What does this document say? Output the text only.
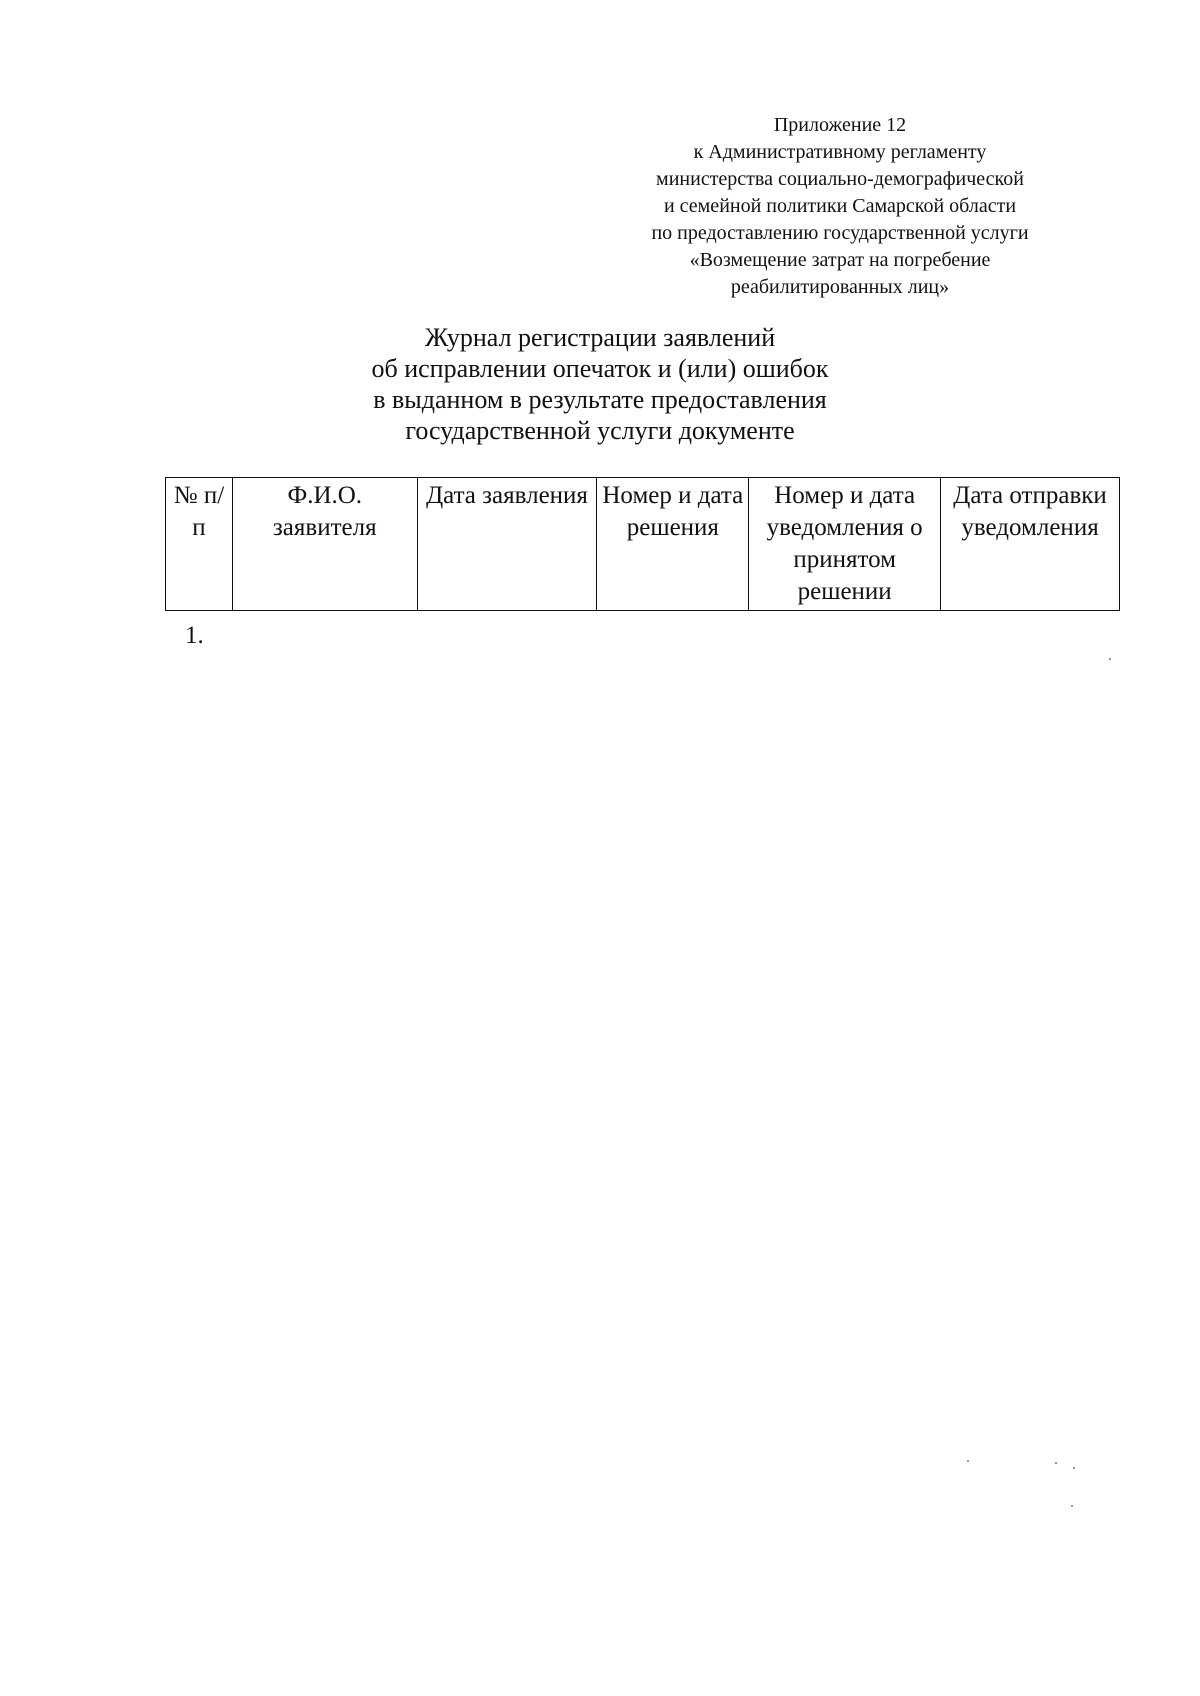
Приложение 12
к Административному регламенту
министерства социально-демографической
и семейной политики Самарской области
по предоставлению государственной услуги
«Возмещение затрат на погребение
реабилитированных лиц»
Журнал регистрации заявлений
об исправлении опечаток и (или) ошибок
в выданном в результате предоставления
государственной услуги документе
№ п/п	Ф.И.О. заявителя	Дата заявления	Номер и дата решения	Номер и дата уведомления о принятом решении	Дата отправки уведомления
1.
